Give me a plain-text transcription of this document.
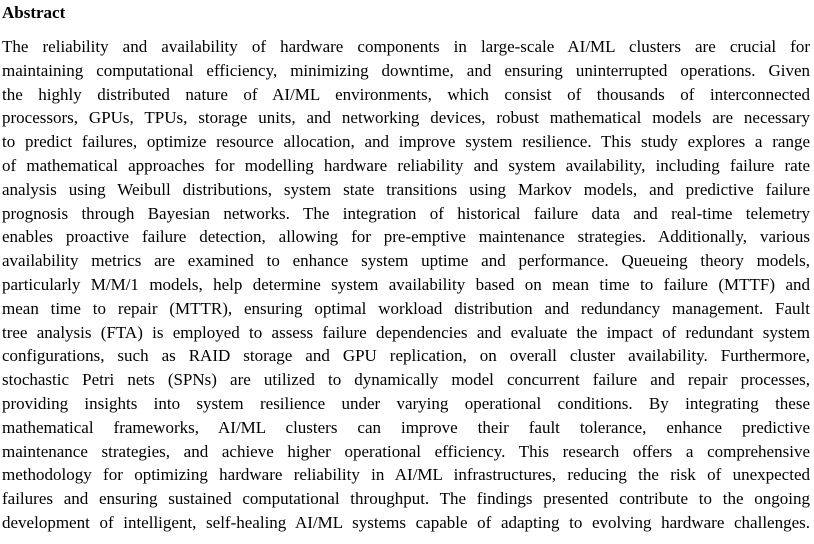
Abstract
The reliability and availability of hardware components in large-scale AI/ML clusters are crucial for
maintaining computational efficiency, minimizing downtime, and ensuring uninterrupted operations. Given
the highly distributed nature of AI/ML environments, which consist of thousands of interconnected
processors, GPUs, TPUs, storage units, and networking devices, robust mathematical models are necessary
to predict failures, optimize resource allocation, and improve system resilience. This study explores a range
of mathematical approaches for modelling hardware reliability and system availability, including failure rate
analysis using Weibull distributions, system state transitions using Markov models, and predictive failure
prognosis through Bayesian networks. The integration of historical failure data and real-time telemetry
enables proactive failure detection, allowing for pre-emptive maintenance strategies. Additionally, various
availability metrics are examined to enhance system uptime and performance. Queueing theory models,
particularly M/M/1 models, help determine system availability based on mean time to failure (MTTF) and
mean time to repair (MTTR), ensuring optimal workload distribution and redundancy management. Fault
tree analysis (FTA) is employed to assess failure dependencies and evaluate the impact of redundant system
configurations, such as RAID storage and GPU replication, on overall cluster availability. Furthermore,
stochastic Petri nets (SPNs) are utilized to dynamically model concurrent failure and repair processes,
providing insights into system resilience under varying operational conditions. By integrating these
mathematical frameworks, AI/ML clusters can improve their fault tolerance, enhance predictive
maintenance strategies, and achieve higher operational efficiency. This research offers a comprehensive
methodology for optimizing hardware reliability in AI/ML infrastructures, reducing the risk of unexpected
failures and ensuring sustained computational throughput. The findings presented contribute to the ongoing
development of intelligent, self-healing AI/ML systems capable of adapting to evolving hardware challenges.
